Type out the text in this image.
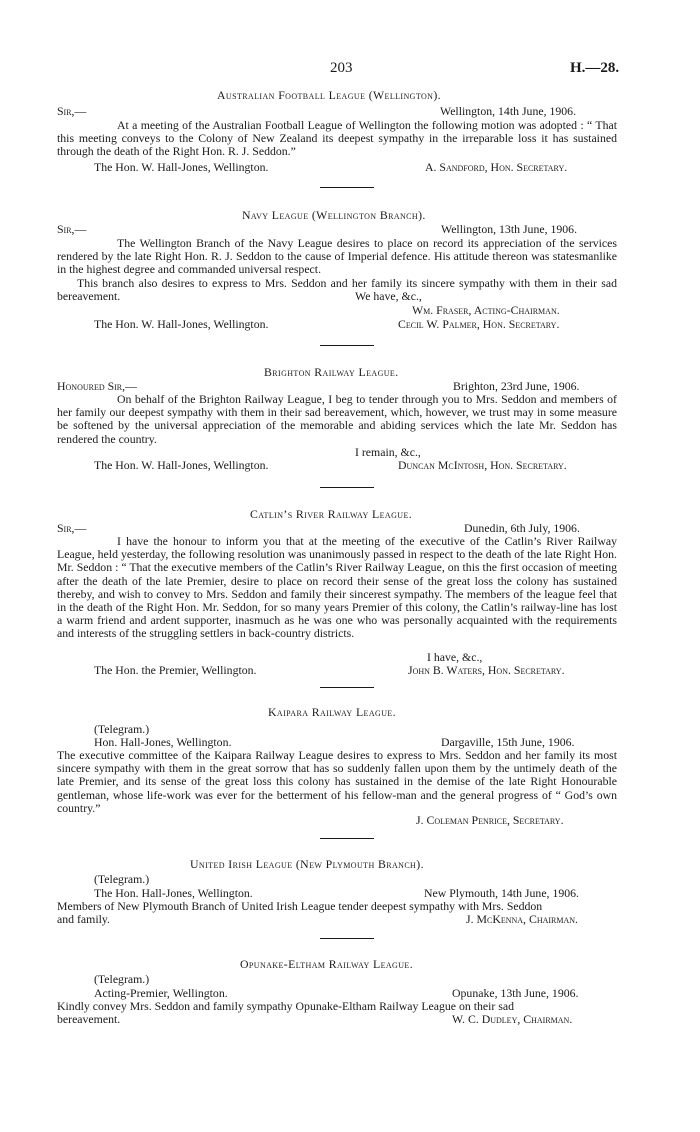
203	H.—28.
Australian Football League (Wellington).
Sir,—	Wellington, 14th June, 1906.
At a meeting of the Australian Football League of Wellington the following motion was adopted : “ That this meeting conveys to the Colony of New Zealand its deepest sympathy in the irreparable loss it has sustained through the death of the Right Hon. R. J. Seddon.”
The Hon. W. Hall-Jones, Wellington.	A. Sandford, Hon. Secretary.
Navy League (Wellington Branch).
Sir,—	Wellington, 13th June, 1906.
The Wellington Branch of the Navy League desires to place on record its appreciation of the services rendered by the late Right Hon. R. J. Seddon to the cause of Imperial defence. His attitude thereon was statesmanlike in the highest degree and commanded universal respect.
This branch also desires to express to Mrs. Seddon and her family its sincere sympathy with them in their sad bereavement.	We have, &c.,
Wm. Fraser, Acting-Chairman.
The Hon. W. Hall-Jones, Wellington.	Cecil W. Palmer, Hon. Secretary.
Brighton Railway League.
Honoured Sir,—	Brighton, 23rd June, 1906.
On behalf of the Brighton Railway League, I beg to tender through you to Mrs. Seddon and members of her family our deepest sympathy with them in their sad bereavement, which, however, we trust may in some measure be softened by the universal appreciation of the memorable and abiding services which the late Mr. Seddon has rendered the country.
I remain, &c.,
The Hon. W. Hall-Jones, Wellington.	Duncan McIntosh, Hon. Secretary.
Catlin’s River Railway League.
Sir,—	Dunedin, 6th July, 1906.
I have the honour to inform you that at the meeting of the executive of the Catlin’s River Railway League, held yesterday, the following resolution was unanimously passed in respect to the death of the late Right Hon. Mr. Seddon : “ That the executive members of the Catlin’s River Railway League, on this the first occasion of meeting after the death of the late Premier, desire to place on record their sense of the great loss the colony has sustained thereby, and wish to convey to Mrs. Seddon and family their sincerest sympathy. The members of the league feel that in the death of the Right Hon. Mr. Seddon, for so many years Premier of this colony, the Catlin’s railway-line has lost a warm friend and ardent supporter, inasmuch as he was one who was personally acquainted with the requirements and interests of the struggling settlers in back-country districts.
I have, &c.,
The Hon. the Premier, Wellington.	John B. Waters, Hon. Secretary.
Kaipara Railway League.
(Telegram.)
Hon. Hall-Jones, Wellington.	Dargaville, 15th June, 1906.
The executive committee of the Kaipara Railway League desires to express to Mrs. Seddon and her family its most sincere sympathy with them in the great sorrow that has so suddenly fallen upon them by the untimely death of the late Premier, and its sense of the great loss this colony has sustained in the demise of the late Right Honourable gentleman, whose life-work was ever for the betterment of his fellow-man and the general progress of “ God’s own country.”
J. Coleman Penrice, Secretary.
United Irish League (New Plymouth Branch).
(Telegram.)
The Hon. Hall-Jones, Wellington.	New Plymouth, 14th June, 1906.
Members of New Plymouth Branch of United Irish League tender deepest sympathy with Mrs. Seddon
and family.	J. McKenna, Chairman.
Opunake-Eltham Railway League.
(Telegram.)
Acting-Premier, Wellington.	Opunake, 13th June, 1906.
Kindly convey Mrs. Seddon and family sympathy Opunake-Eltham Railway League on their sad
bereavement.	W. C. Dudley, Chairman.
